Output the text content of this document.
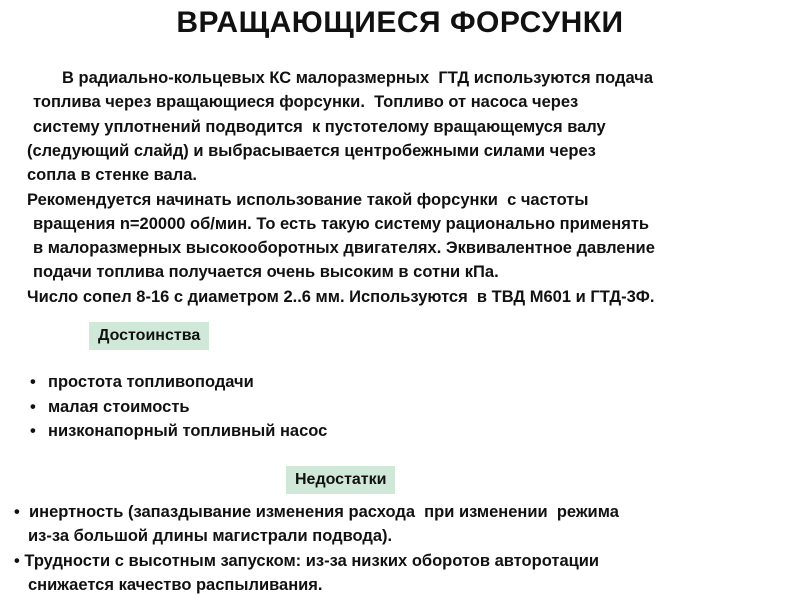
ВРАЩАЮЩИЕСЯ ФОРСУНКИ
В радиально-кольцевых КС малоразмерных  ГТД используются подача
топлива через вращающиеся форсунки.  Топливо от насоса через
систему уплотнений подводится  к пустотелому вращающемуся валу
(следующий слайд) и выбрасывается центробежными силами через
сопла в стенке вала.
Рекомендуется начинать использование такой форсунки  с частоты
вращения n=20000 об/мин. То есть такую систему рационально применять
в малоразмерных высокооборотных двигателях. Эквивалентное давление
подачи топлива получается очень высоким в сотни кПа.
Число сопел 8-16 с диаметром 2..6 мм. Используются  в ТВД М601 и ГТД-3Ф.
Достоинства
• простота топливоподачи
• малая стоимость
• низконапорный топливный насос
Недостатки
• инертность (запаздывание изменения расхода  при изменении  режима
из-за большой длины магистрали подвода).
• Трудности с высотным запуском: из-за низких оборотов авторотации
снижается качество распыливания.
